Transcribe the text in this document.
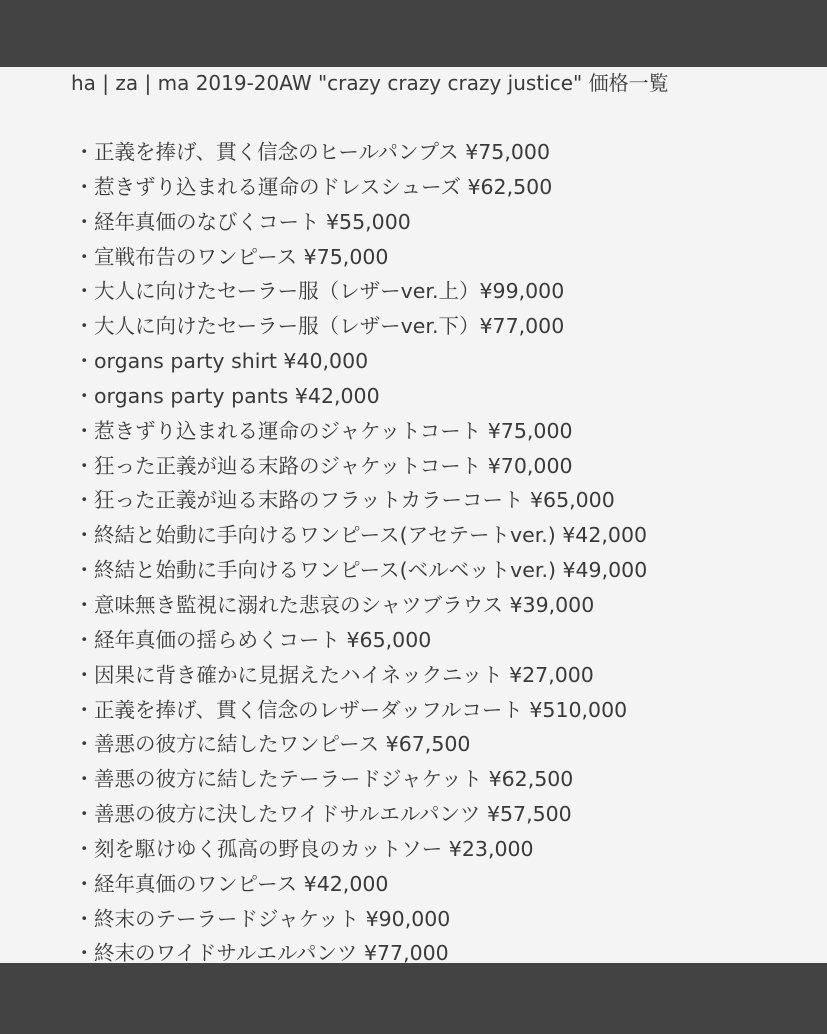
ha | za | ma 2019-20AW "crazy crazy crazy justice" 価格一覧
・正義を捧げ、貫く信念のヒールパンプス ¥75,000
・惹きずり込まれる運命のドレスシューズ ¥62,500
・経年真価のなびくコート ¥55,000
・宣戦布告のワンピース ¥75,000
・大人に向けたセーラー服（レザーver.上）¥99,000
・大人に向けたセーラー服（レザーver.下）¥77,000
・organs party shirt ¥40,000
・organs party pants ¥42,000
・惹きずり込まれる運命のジャケットコート ¥75,000
・狂った正義が辿る末路のジャケットコート ¥70,000
・狂った正義が辿る末路のフラットカラーコート ¥65,000
・終結と始動に手向けるワンピース(アセテートver.) ¥42,000
・終結と始動に手向けるワンピース(ベルベットver.) ¥49,000
・意味無き監視に溺れた悲哀のシャツブラウス ¥39,000
・経年真価の揺らめくコート ¥65,000
・因果に背き確かに見据えたハイネックニット ¥27,000
・正義を捧げ、貫く信念のレザーダッフルコート ¥510,000
・善悪の彼方に結したワンピース ¥67,500
・善悪の彼方に結したテーラードジャケット ¥62,500
・善悪の彼方に決したワイドサルエルパンツ ¥57,500
・刻を駆けゆく孤高の野良のカットソー ¥23,000
・経年真価のワンピース ¥42,000
・終末のテーラードジャケット ¥90,000
・終末のワイドサルエルパンツ ¥77,000
